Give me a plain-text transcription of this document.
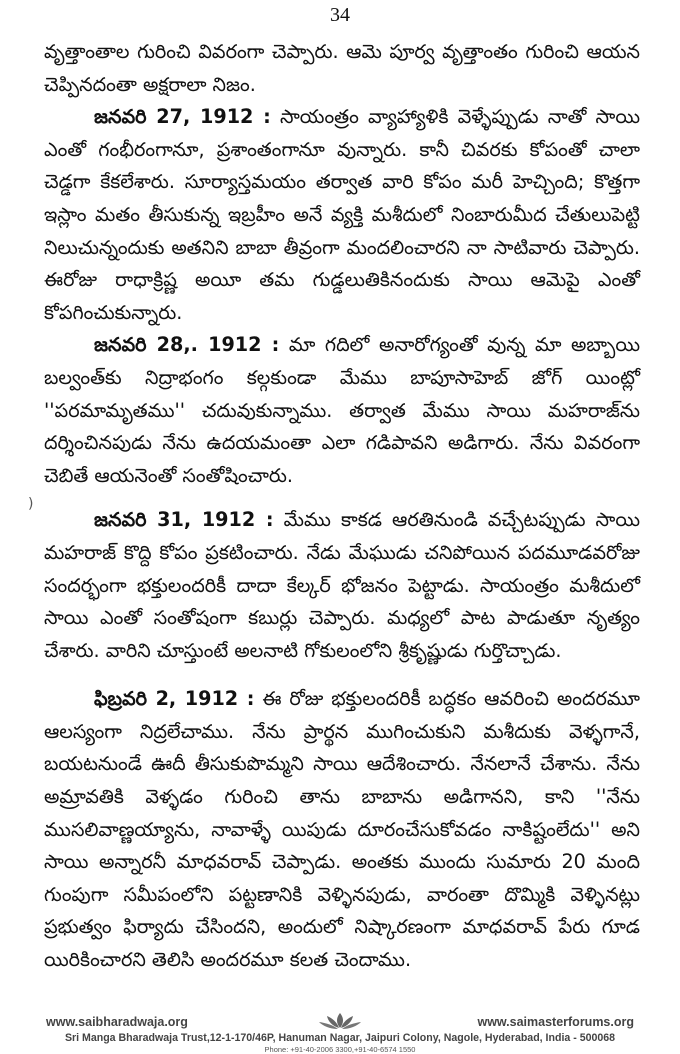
34
)

వృత్తాంతాల గురించి వివరంగా చెప్పారు. ఆమె పూర్వ వృత్తాంతం గురించి ఆయన చెప్పినదంతా అక్షరాలా నిజం.

జనవరి 27, 1912 : సాయంత్రం వ్యాహ్యాళికి వెళ్ళేప్పుడు నాతో సాయి ఎంతో గంభీరంగానూ, ప్రశాంతంగానూ వున్నారు. కానీ చివరకు కోపంతో చాలా చెడ్డగా కేకలేశారు. సూర్యాస్తమయం తర్వాత వారి కోపం మరీ హెచ్చింది; కొత్తగా ఇస్లాం మతం తీసుకున్న ఇబ్రహీం అనే వ్యక్తి మశీదులో నింబారుమీద చేతులుపెట్టి నిలుచున్నందుకు అతనిని బాబా తీవ్రంగా మందలించారని నా సాటివారు చెప్పారు. ఈరోజు రాధాక్రిష్ణ అయీ తమ గుడ్డలుతికినందుకు సాయి ఆమెపై ఎంతో కోపగించుకున్నారు.

జనవరి 28,. 1912 : మా గదిలో అనారోగ్యంతో వున్న మా అబ్బాయి బల్వంత్‌కు నిద్రాభంగం కల్గకుండా మేము బాపూసాహెబ్ జోగ్ యింట్లో ''పరమామృతము'' చదువుకున్నాము. తర్వాత మేము సాయి మహరాజ్‌ను దర్శించినపుడు నేను ఉదయమంతా ఎలా గడిపావని అడిగారు. నేను వివరంగా చెబితే ఆయనెంతో సంతోషించారు.

జనవరి 31, 1912 : మేము కాకడ ఆరతినుండి వచ్చేటప్పుడు సాయి మహరాజ్ కొద్ది కోపం ప్రకటించారు. నేడు మేఘుడు చనిపోయిన పదమూడవరోజు సందర్భంగా భక్తులందరికీ దాదా కేల్కర్ భోజనం పెట్టాడు. సాయంత్రం మశీదులో సాయి ఎంతో సంతోషంగా కబుర్లు చెప్పారు. మధ్యలో పాట పాడుతూ నృత్యం చేశారు. వారిని చూస్తుంటే అలనాటి గోకులంలోని శ్రీకృష్ణుడు గుర్తొచ్చాడు.

ఫిబ్రవరి 2, 1912 : ఈ రోజు భక్తులందరికీ బద్ధకం ఆవరించి అందరమూ ఆలస్యంగా నిద్రలేచాము. నేను ప్రార్థన ముగించుకుని మశీదుకు వెళ్ళగానే, బయటనుండే ఊదీ తీసుకుపొమ్మని సాయి ఆదేశించారు. నేనలానే చేశాను. నేను అమ్రావతికి వెళ్ళడం గురించి తాను బాబాను అడిగానని, కాని ''నేను ముసలివాణ్ణయ్యాను, నావాళ్ళే యిపుడు దూరంచేసుకోవడం నాకిష్టంలేదు'' అని సాయి అన్నారనీ మాధవరావ్ చెప్పాడు. అంతకు ముందు సుమారు 20 మంది గుంపుగా సమీపంలోని పట్టణానికి వెళ్ళినపుడు, వారంతా దొమ్మికి వెళ్ళినట్లు ప్రభుత్వం ఫిర్యాదు చేసిందని, అందులో నిష్కారణంగా మాధవరావ్ పేరు గూడ యిరికించారని తెలిసి అందరమూ కలత చెందాము.

www.saibharadwaja.org	www.saimasterforums.org
Sri Manga Bharadwaja Trust,12-1-170/46P, Hanuman Nagar, Jaipuri Colony, Nagole, Hyderabad, India - 500068
Phone: +91-40-2006 3300,+91-40-6574 1550
